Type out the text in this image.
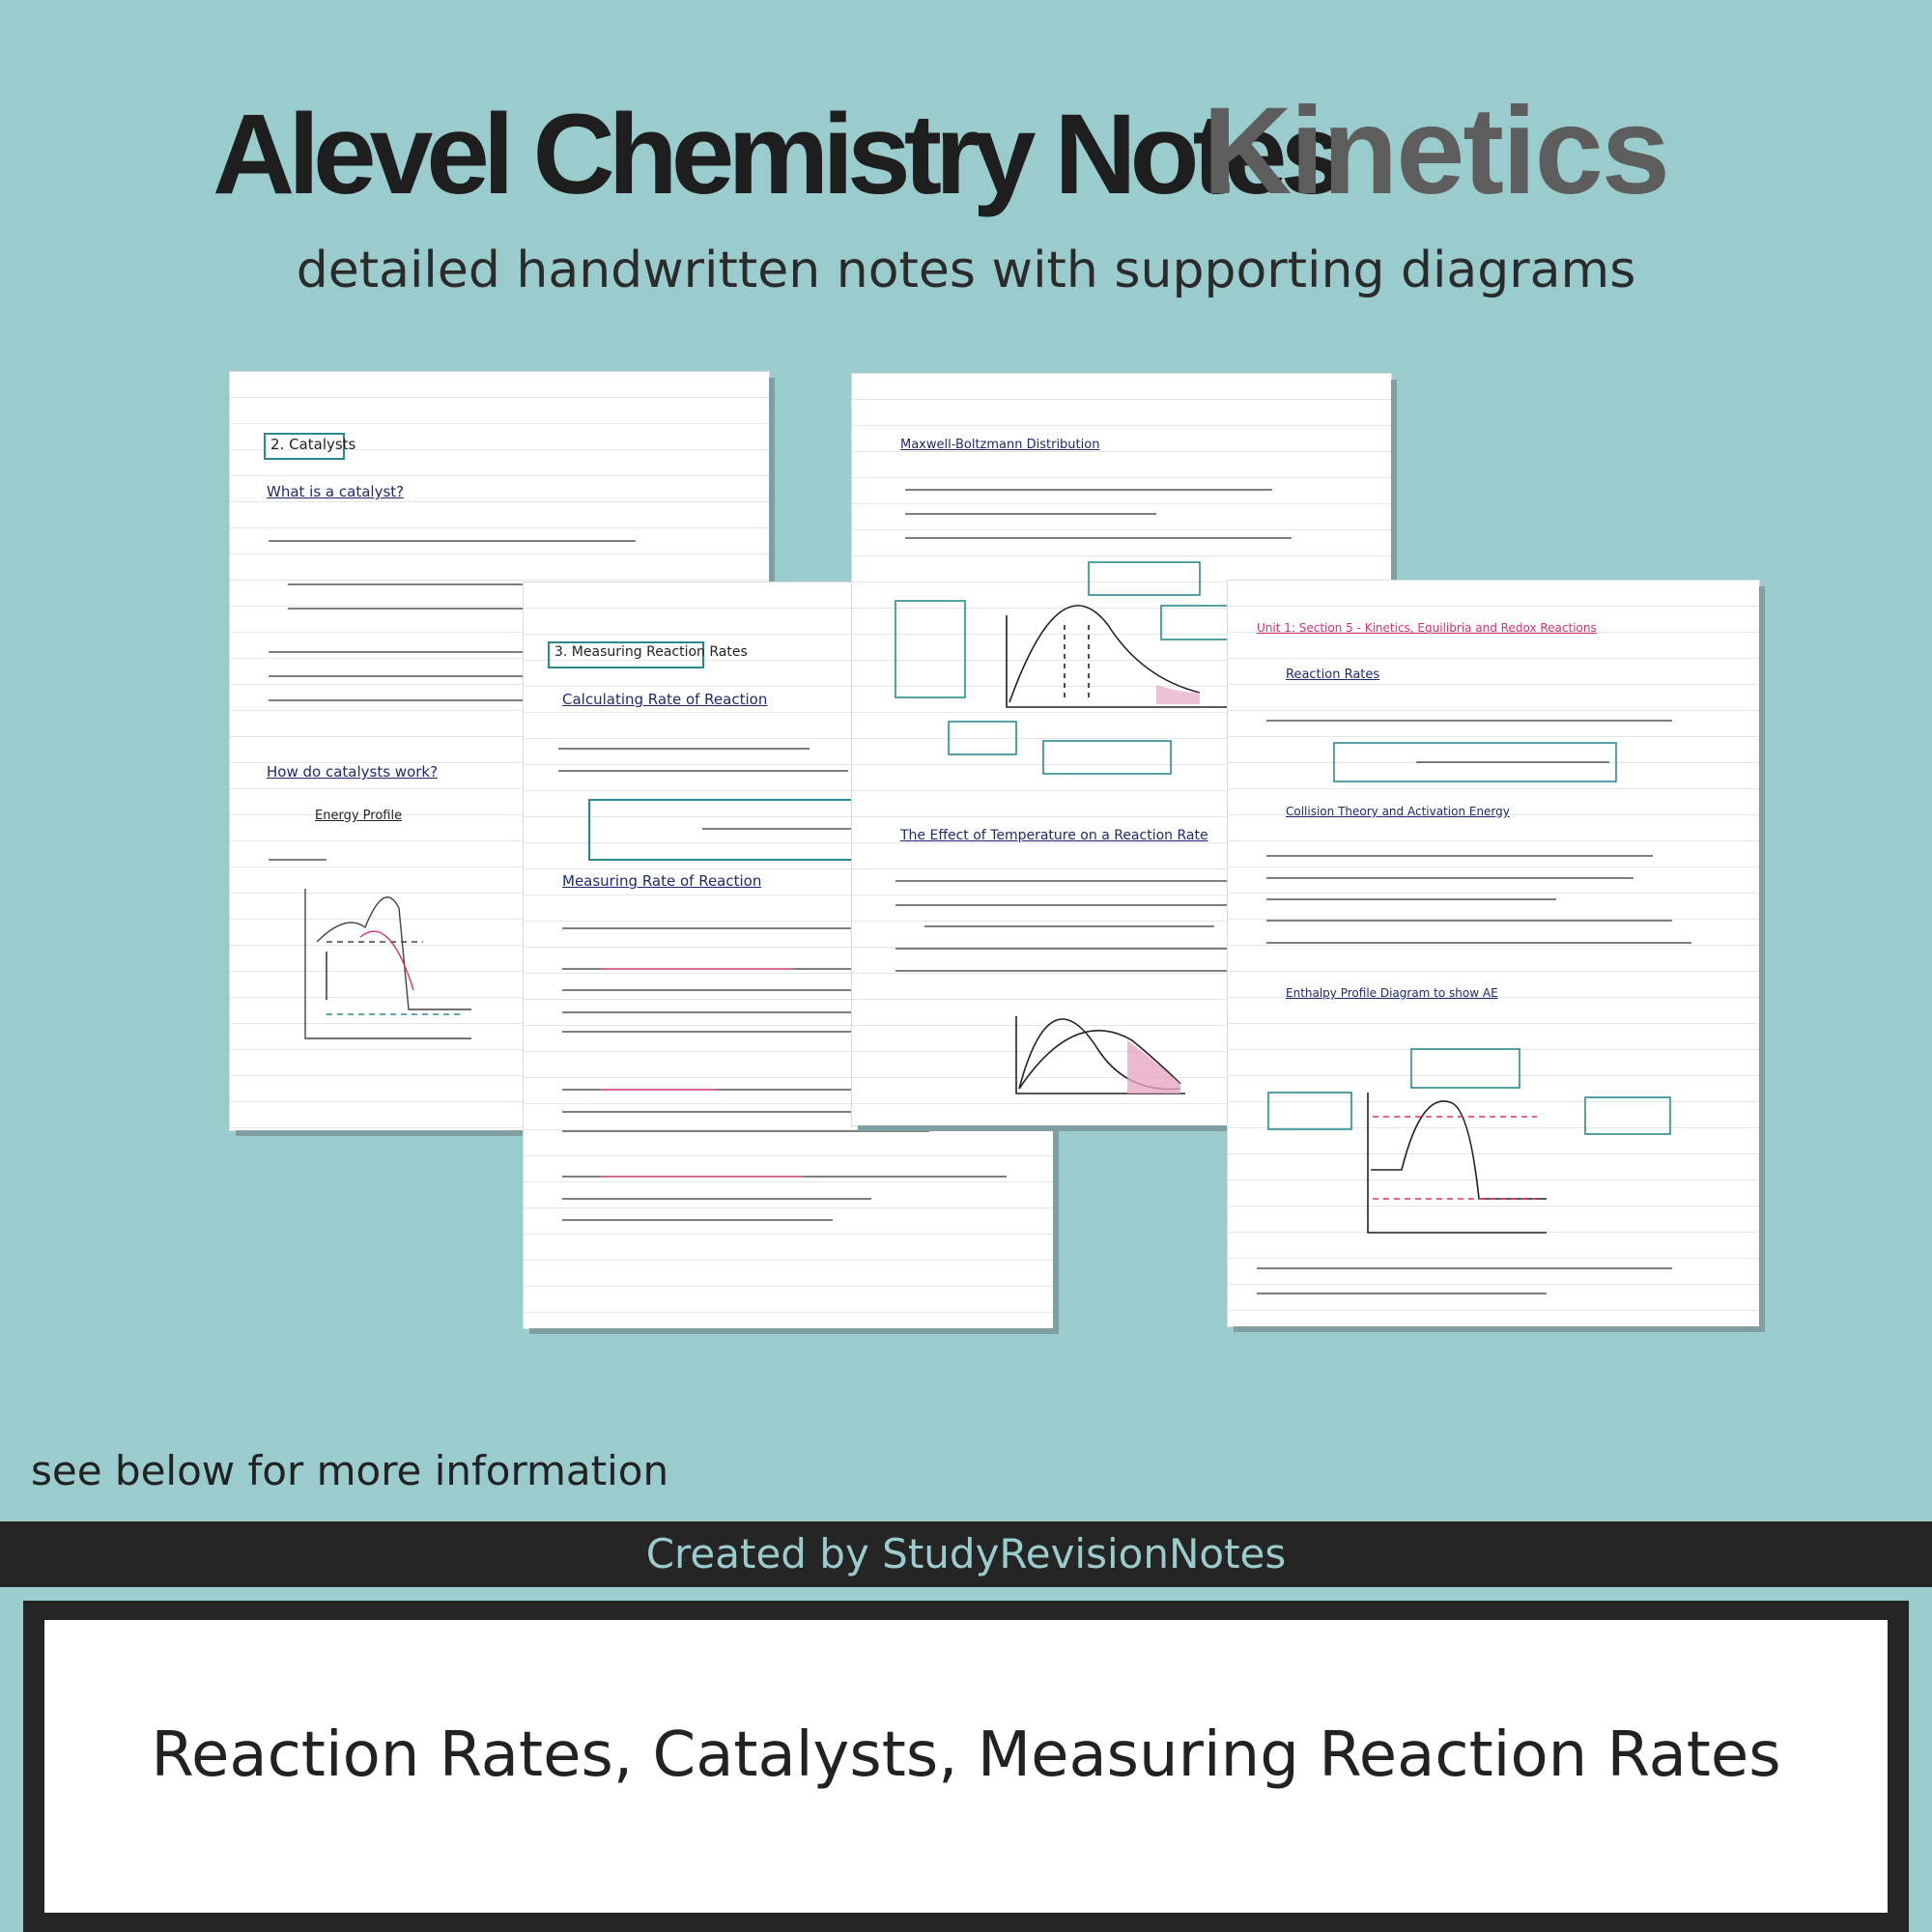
Alevel Chemistry Notes
Kinetics
detailed handwritten notes with supporting diagrams
2. Catalysts
What is a catalyst?
How do catalysts work?
Energy Profile
3. Measuring Reaction Rates
Calculating Rate of Reaction
Measuring Rate of Reaction
Maxwell-Boltzmann Distribution
The Effect of Temperature on a Reaction Rate
Unit 1: Section 5 - Kinetics, Equilibria and Redox Reactions
Reaction Rates
Collision Theory and Activation Energy
Enthalpy Profile Diagram to show AE
see below for more information
Created by StudyRevisionNotes
Reaction Rates, Catalysts, Measuring Reaction Rates
